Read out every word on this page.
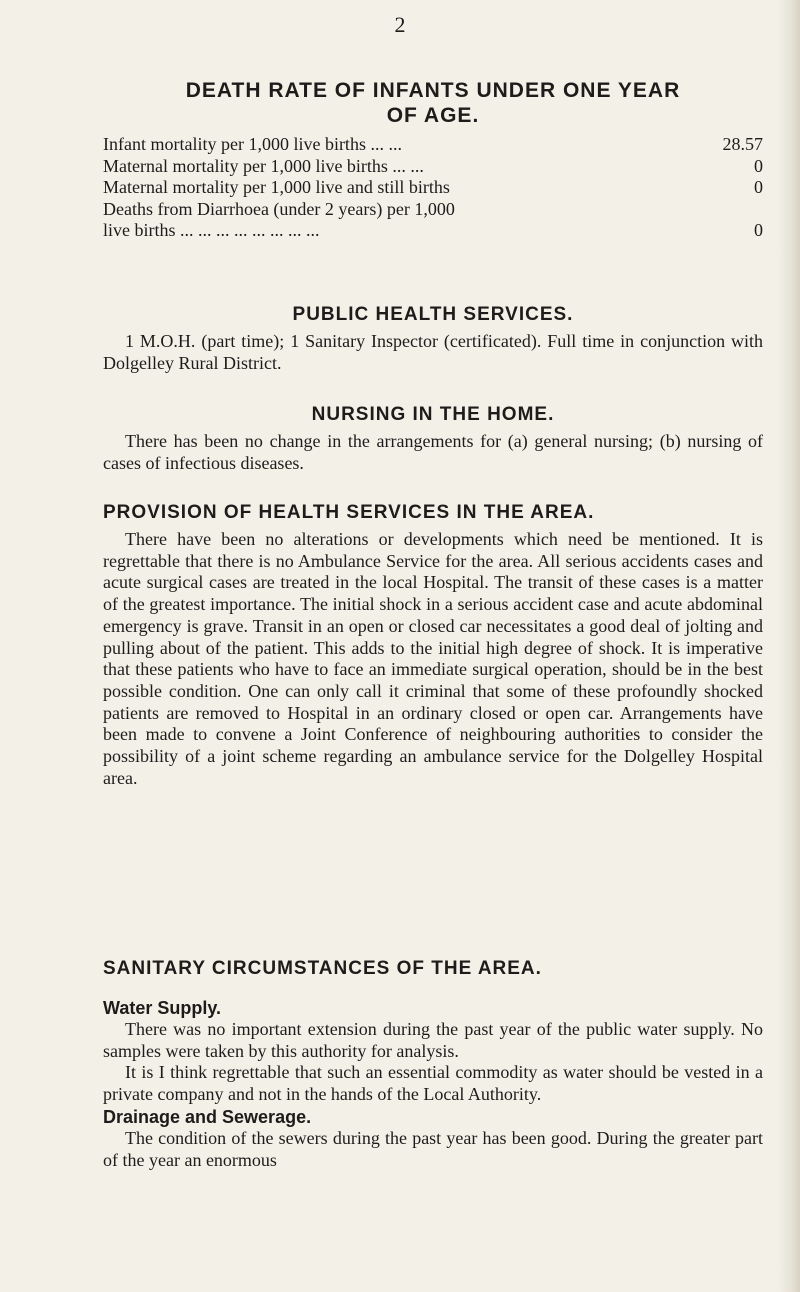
2
DEATH RATE OF INFANTS UNDER ONE YEAR
OF AGE.
Infant mortality per 1,000 live births ... ...	28.57
Maternal mortality per 1,000 live births ... ...	0
Maternal mortality per 1,000 live and still births	0
Deaths from Diarrhoea (under 2 years) per 1,000
live births ... ... ... ... ... ... ... ...	0
PUBLIC HEALTH SERVICES.

1 M.O.H. (part time); 1 Sanitary Inspector (certificated). Full time in conjunction with Dolgelley Rural District.

NURSING IN THE HOME.

There has been no change in the arrangements for (a) general nursing; (b) nursing of cases of infectious diseases.

PROVISION OF HEALTH SERVICES IN THE AREA.

There have been no alterations or developments which need be mentioned. It is regrettable that there is no Ambulance Service for the area. All serious accidents cases and acute surgical cases are treated in the local Hospital. The transit of these cases is a matter of the greatest importance. The initial shock in a serious accident case and acute abdominal emergency is grave. Transit in an open or closed car necessitates a good deal of jolting and pulling about of the patient. This adds to the initial high degree of shock. It is imperative that these patients who have to face an immediate surgical operation, should be in the best possible condition. One can only call it criminal that some of these profoundly shocked patients are removed to Hospital in an ordinary closed or open car. Arrangements have been made to convene a Joint Conference of neighbouring authorities to consider the possibility of a joint scheme regarding an ambulance service for the Dolgelley Hospital area.

SANITARY CIRCUMSTANCES OF THE AREA.
Water Supply.

There was no important extension during the past year of the public water supply. No samples were taken by this authority for analysis.

It is I think regrettable that such an essential commodity as water should be vested in a private company and not in the hands of the Local Authority.

Drainage and Sewerage.

The condition of the sewers during the past year has been good. During the greater part of the year an enormous
